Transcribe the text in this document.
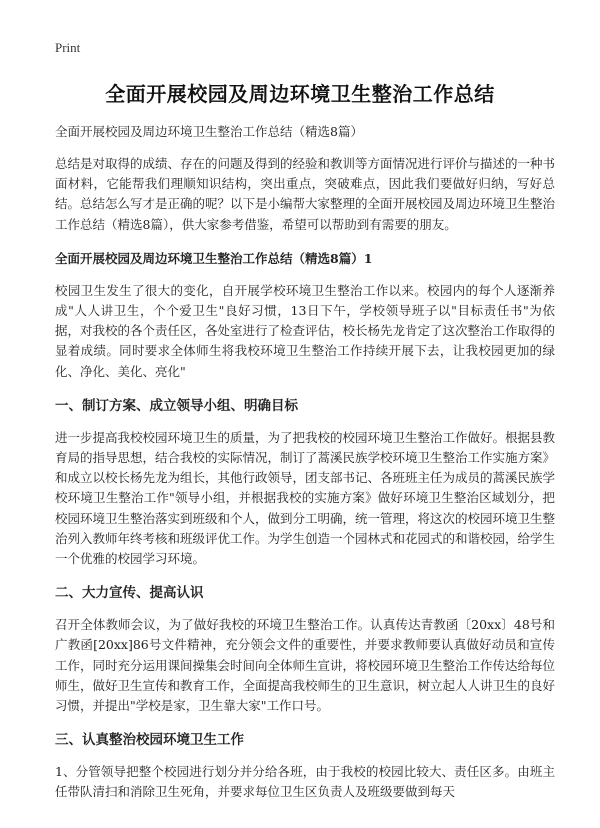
Print
全面开展校园及周边环境卫生整治工作总结
全面开展校园及周边环境卫生整治工作总结（精选8篇）

总结是对取得的成绩、存在的问题及得到的经验和教训等方面情况进行评价与描述的一种书面材料，它能帮我们理顺知识结构，突出重点，突破难点，因此我们要做好归纳，写好总结。总结怎么写才是正确的呢？以下是小编帮大家整理的全面开展校园及周边环境卫生整治工作总结（精选8篇），供大家参考借鉴，希望可以帮助到有需要的朋友。

全面开展校园及周边环境卫生整治工作总结（精选8篇）1

校园卫生发生了很大的变化，自开展学校环境卫生整治工作以来。校园内的每个人逐渐养成"人人讲卫生，个个爱卫生"良好习惯，13日下午，学校领导班子以"目标责任书"为依据，对我校的各个责任区，各处室进行了检查评估，校长杨先龙肯定了这次整治工作取得的显着成绩。同时要求全体师生将我校环境卫生整治工作持续开展下去，让我校园更加的绿化、净化、美化、亮化"

一、制订方案、成立领导小组、明确目标

进一步提高我校校园环境卫生的质量，为了把我校的校园环境卫生整治工作做好。根据县教育局的指导思想，结合我校的实际情况，制订了蒿溪民族学校环境卫生整治工作实施方案》和成立以校长杨先龙为组长，其他行政领导，团支部书记、各班班主任为成员的蒿溪民族学校环境卫生整治工作"领导小组，并根据我校的实施方案》做好环境卫生整治区域划分，把校园环境卫生整治落实到班级和个人，做到分工明确，统一管理，将这次的校园环境卫生整治列入教师年终考核和班级评优工作。为学生创造一个园林式和花园式的和谐校园，给学生一个优雅的校园学习环境。

二、大力宣传、提高认识

召开全体教师会议，为了做好我校的环境卫生整治工作。认真传达青教函〔20xx〕48号和广教函[20xx]86号文件精神，充分领会文件的重要性，并要求教师要认真做好动员和宣传工作，同时充分运用课间操集会时间向全体师生宣讲，将校园环境卫生整治工作传达给每位师生，做好卫生宣传和教育工作，全面提高我校师生的卫生意识，树立起人人讲卫生的良好习惯，并提出"学校是家，卫生靠大家"工作口号。

三、认真整治校园环境卫生工作

1、分管领导把整个校园进行划分并分给各班，由于我校的校园比较大、责任区多。由班主任带队清扫和消除卫生死角，并要求每位卫生区负责人及班级要做到每天
